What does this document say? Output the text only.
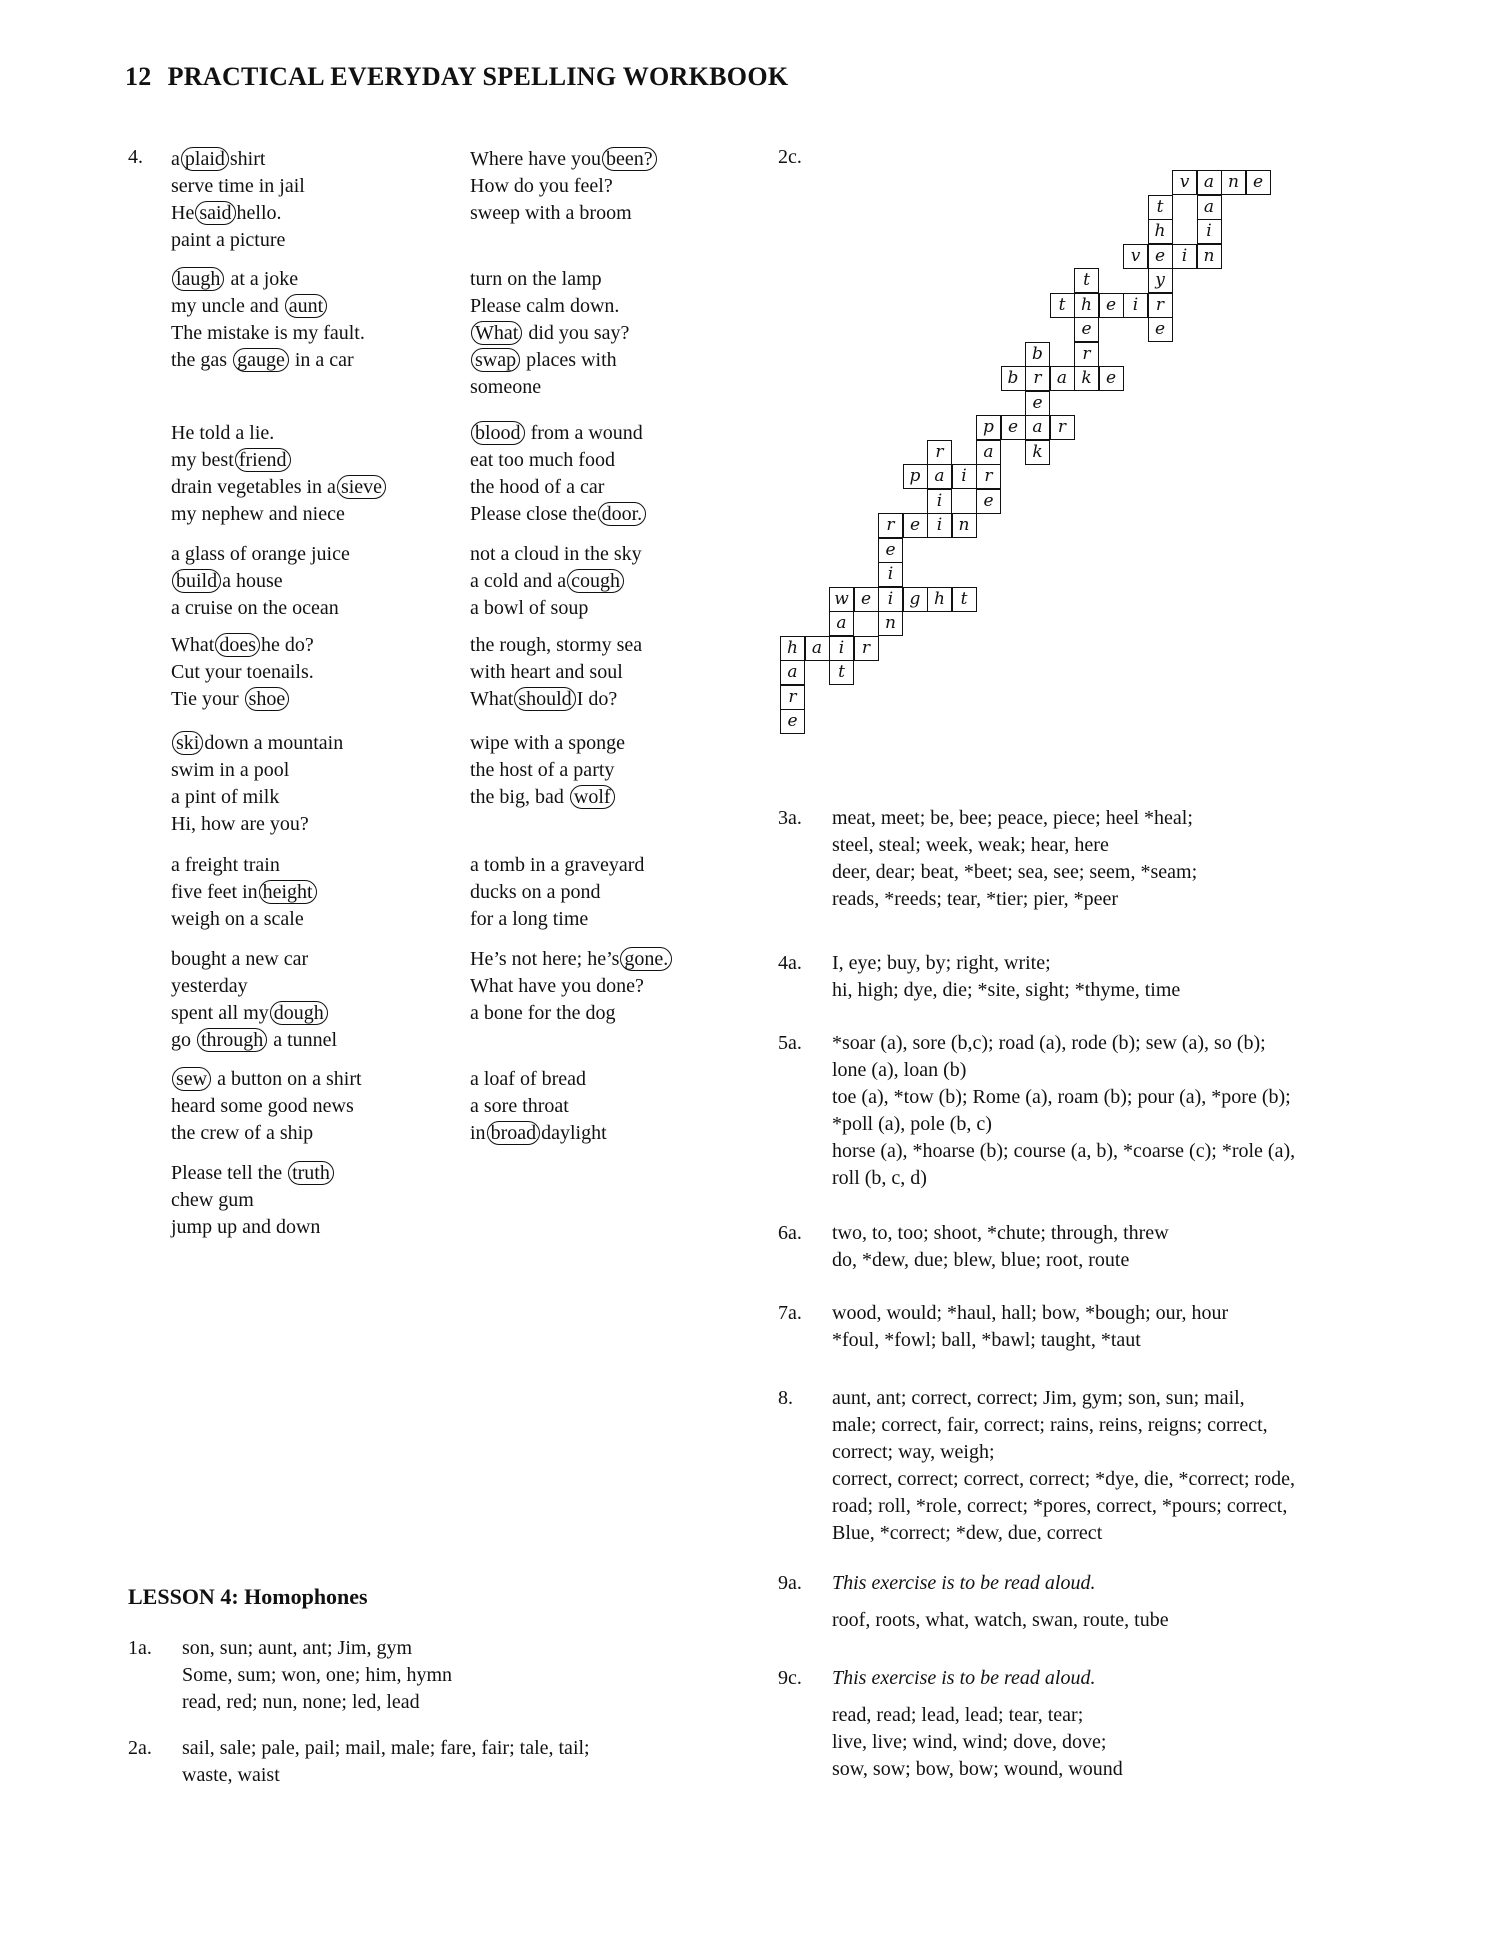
12 PRACTICAL EVERYDAY SPELLING WORKBOOK
4. a plaid shirt
serve time in jail
He said hello.
paint a picture
laugh at a joke
my uncle and aunt
The mistake is my fault.
the gas gauge in a car
He told a lie.
my best friend
drain vegetables in a sieve
my nephew and niece
a glass of orange juice
build a house
a cruise on the ocean
What does he do?
Cut your toenails.
Tie your shoe
ski down a mountain
swim in a pool
a pint of milk
Hi, how are you?
a freight train
five feet in height
weigh on a scale
bought a new car
yesterday
spent all my dough
go through a tunnel
sew a button on a shirt
heard some good news
the crew of a ship
Please tell the truth
chew gum
jump up and down
Where have you been?
How do you feel?
sweep with a broom
turn on the lamp
Please calm down.
What did you say?
swap places with
someone
blood from a wound
eat too much food
the hood of a car
Please close the door.
not a cloud in the sky
a cold and a cough
a bowl of soup
the rough, stormy sea
with heart and soul
What should I do?
wipe with a sponge
the host of a party
the big, bad wolf
a tomb in a graveyard
ducks on a pond
for a long time
He’s not here; he’s gone.
What have you done?
a bone for the dog
a loaf of bread
a sore throat
in broad daylight
2c.
v a n e
t	a
h	i
v e i n
t	y
t h e i	r
e	e
b	r
b r a k e
e
p e a r
r	a	k
p a i	r
i	e
r e i n
e
i
w e i g h t
a	n
h a i	r
a	t
r
e
3a. meat, meet; be, bee; peace, piece; heel *heal;
steel, steal; week, weak; hear, here
deer, dear; beat, *beet; sea, see; seem, *seam;
reads, *reeds; tear, *tier; pier, *peer
4a. I, eye; buy, by; right, write;
hi, high; dye, die; *site, sight; *thyme, time
5a. *soar (a), sore (b,c); road (a), rode (b); sew (a), so (b);
lone (a), loan (b)
toe (a), *tow (b); Rome (a), roam (b); pour (a), *pore (b);
*poll (a), pole (b, c)
horse (a), *hoarse (b); course (a, b), *coarse (c); *role (a),
roll (b, c, d)
6a. two, to, too; shoot, *chute; through, threw
do, *dew, due; blew, blue; root, route
7a. wood, would; *haul, hall; bow, *bough; our, hour
*foul, *fowl; ball, *bawl; taught, *taut
8. aunt, ant; correct, correct; Jim, gym; son, sun; mail,
male; correct, fair, correct; rains, reins, reigns; correct,
correct; way, weigh;
correct, correct; correct, correct; *dye, die, *correct; rode,
road; roll, *role, correct; *pores, correct, *pours; correct,
Blue, *correct; *dew, due, correct
9a. This exercise is to be read aloud.
roof, roots, what, watch, swan, route, tube
9c. This exercise is to be read aloud.
read, read; lead, lead; tear, tear;
live, live; wind, wind; dove, dove;
sow, sow; bow, bow; wound, wound
LESSON 4: Homophones
1a. son, sun; aunt, ant; Jim, gym
Some, sum; won, one; him, hymn
read, red; nun, none; led, lead
2a. sail, sale; pale, pail; mail, male; fare, fair; tale, tail;
waste, waist
